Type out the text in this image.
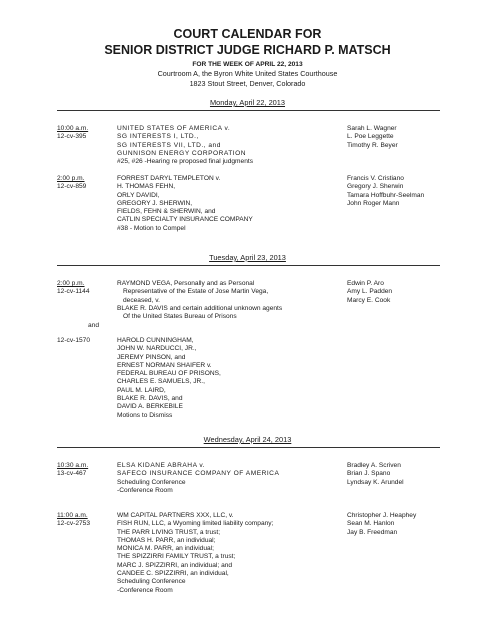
COURT CALENDAR FOR
SENIOR DISTRICT JUDGE RICHARD P. MATSCH
FOR THE WEEK OF APRIL 22, 2013
Courtroom A, the Byron White United States Courthouse
1823 Stout Street, Denver, Colorado
Monday, April 22, 2013
10:00 a.m.
12-cv-395
UNITED STATES OF AMERICA v.
SG INTERESTS I, LTD.,
SG INTERESTS VII, LTD., and
GUNNISON ENERGY CORPORATION
#25, #26 -Hearing re proposed final judgments
Sarah L. Wagner
L. Poe Leggette
Timothy R. Beyer
2:00 p.m.
12-cv-859
FORREST DARYL TEMPLETON v.
H. THOMAS FEHN,
ORLY DAVIDI,
GREGORY J. SHERWIN,
FIELDS, FEHN & SHERWIN, and
CATLIN SPECIALTY INSURANCE COMPANY
#38 - Motion to Compel
Francis V. Cristiano
Gregory J. Sherwin
Tamara Hoffbuhr-Seelman
John Roger Mann
Tuesday, April 23, 2013
2:00 p.m.
12-cv-1144
RAYMOND VEGA, Personally and as Personal
Representative of the Estate of Jose Martin Vega,
deceased, v.
BLAKE R. DAVIS and certain additional unknown agents
Of the United States Bureau of Prisons
Edwin P. Aro
Amy L. Padden
Marcy E. Cook
and
12-cv-1570	HAROLD CUNNINGHAM,
JOHN W. NARDUCCI, JR.,
JEREMY PINSON, and
ERNEST NORMAN SHAIFER v.
FEDERAL BUREAU OF PRISONS,
CHARLES E. SAMUELS, JR.,
PAUL M. LAIRD,
BLAKE R. DAVIS, and
DAVID A. BERKEBILE
Motions to Dismiss
Wednesday, April 24, 2013
10:30 a.m.
13-cv-467
ELSA KIDANE ABRAHA v.
SAFECO INSURANCE COMPANY OF AMERICA
Scheduling Conference
-Conference Room
Bradley A. Scriven
Brian J. Spano
Lyndsay K. Arundel
11:00 a.m.
12-cv-2753
WM CAPITAL PARTNERS XXX, LLC, v.
FISH RUN, LLC, a Wyoming limited liability company;
THE PARR LIVING TRUST, a trust;
THOMAS H. PARR, an individual;
MONICA M. PARR, an individual;
THE SPIZZIRRI FAMILY TRUST, a trust;
MARC J. SPIZZIRRI, an individual; and
CANDEE C. SPIZZIRRI, an individual,
Scheduling Conference
-Conference Room
Christopher J. Heaphey
Sean M. Hanlon
Jay B. Freedman
